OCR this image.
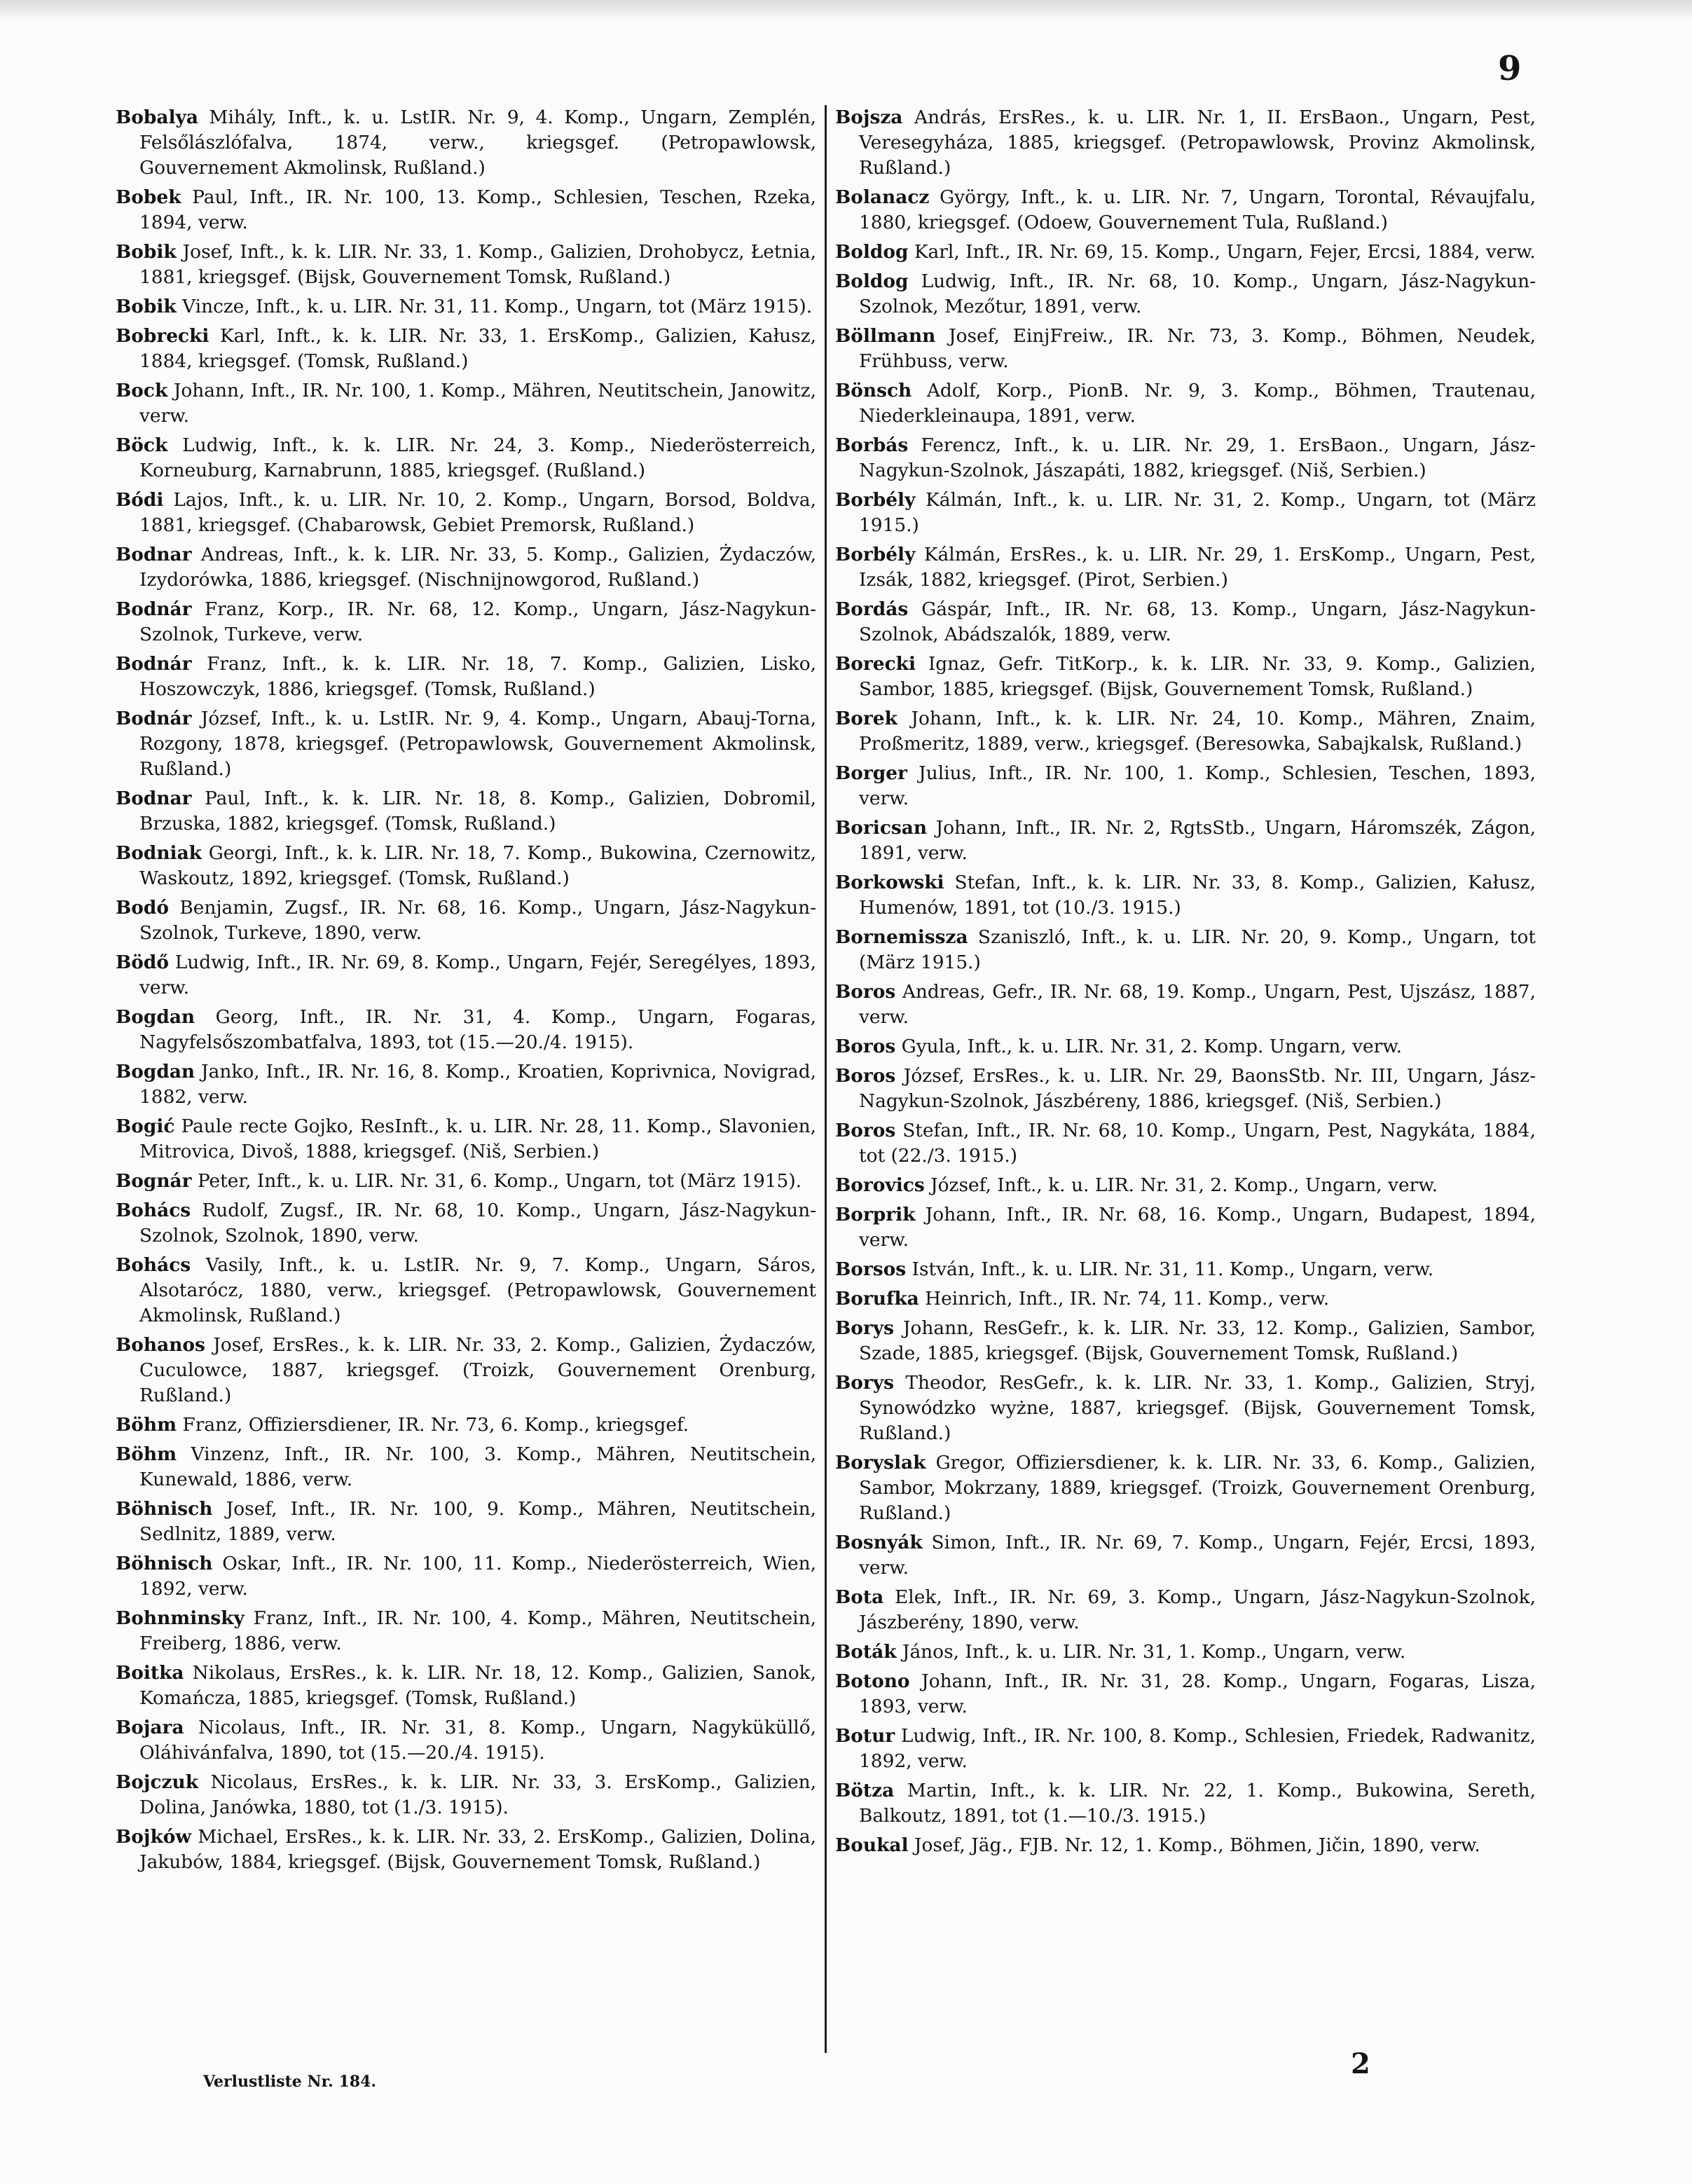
9

Bobalya Mihály, Inft., k. u. LstIR. Nr. 9, 4. Komp., Ungarn, Zemplén, Felsőlászlófalva, 1874, verw., kriegsgef. (Petropawlowsk, Gouvernement Akmolinsk, Rußland.)

Bobek Paul, Inft., IR. Nr. 100, 13. Komp., Schlesien, Teschen, Rzeka, 1894, verw.

Bobik Josef, Inft., k. k. LIR. Nr. 33, 1. Komp., Galizien, Drohobycz, Łetnia, 1881, kriegsgef. (Bijsk, Gouvernement Tomsk, Rußland.)

Bobik Vincze, Inft., k. u. LIR. Nr. 31, 11. Komp., Ungarn, tot (März 1915).

Bobrecki Karl, Inft., k. k. LIR. Nr. 33, 1. ErsKomp., Galizien, Kałusz, 1884, kriegsgef. (Tomsk, Rußland.)

Bock Johann, Inft., IR. Nr. 100, 1. Komp., Mähren, Neutitschein, Janowitz, verw.

Böck Ludwig, Inft., k. k. LIR. Nr. 24, 3. Komp., Niederösterreich, Korneuburg, Karnabrunn, 1885, kriegsgef. (Rußland.)

Bódi Lajos, Inft., k. u. LIR. Nr. 10, 2. Komp., Ungarn, Borsod, Boldva, 1881, kriegsgef. (Chabarowsk, Gebiet Premorsk, Rußland.)

Bodnar Andreas, Inft., k. k. LIR. Nr. 33, 5. Komp., Galizien, Żydaczów, Izydorówka, 1886, kriegsgef. (Nischnijnowgorod, Rußland.)

Bodnár Franz, Korp., IR. Nr. 68, 12. Komp., Ungarn, Jász-Nagykun-Szolnok, Turkeve, verw.

Bodnár Franz, Inft., k. k. LIR. Nr. 18, 7. Komp., Galizien, Lisko, Hoszowczyk, 1886, kriegsgef. (Tomsk, Rußland.)

Bodnár József, Inft., k. u. LstIR. Nr. 9, 4. Komp., Ungarn, Abauj-Torna, Rozgony, 1878, kriegsgef. (Petropawlowsk, Gouvernement Akmolinsk, Rußland.)

Bodnar Paul, Inft., k. k. LIR. Nr. 18, 8. Komp., Galizien, Dobromil, Brzuska, 1882, kriegsgef. (Tomsk, Rußland.)

Bodniak Georgi, Inft., k. k. LIR. Nr. 18, 7. Komp., Bukowina, Czernowitz, Waskoutz, 1892, kriegsgef. (Tomsk, Rußland.)

Bodó Benjamin, Zugsf., IR. Nr. 68, 16. Komp., Ungarn, Jász-Nagykun-Szolnok, Turkeve, 1890, verw.

Bödő Ludwig, Inft., IR. Nr. 69, 8. Komp., Ungarn, Fejér, Seregélyes, 1893, verw.

Bogdan Georg, Inft., IR. Nr. 31, 4. Komp., Ungarn, Fogaras, Nagyfelsőszombatfalva, 1893, tot (15.—20./4. 1915).

Bogdan Janko, Inft., IR. Nr. 16, 8. Komp., Kroatien, Koprivnica, Novigrad, 1882, verw.

Bogić Paule recte Gojko, ResInft., k. u. LIR. Nr. 28, 11. Komp., Slavonien, Mitrovica, Divoš, 1888, kriegsgef. (Niš, Serbien.)

Bognár Peter, Inft., k. u. LIR. Nr. 31, 6. Komp., Ungarn, tot (März 1915).

Bohács Rudolf, Zugsf., IR. Nr. 68, 10. Komp., Ungarn, Jász-Nagykun-Szolnok, Szolnok, 1890, verw.

Bohács Vasily, Inft., k. u. LstIR. Nr. 9, 7. Komp., Ungarn, Sáros, Alsotarócz, 1880, verw., kriegsgef. (Petropawlowsk, Gouvernement Akmolinsk, Rußland.)

Bohanos Josef, ErsRes., k. k. LIR. Nr. 33, 2. Komp., Galizien, Żydaczów, Cuculowce, 1887, kriegsgef. (Troizk, Gouvernement Orenburg, Rußland.)

Böhm Franz, Offiziersdiener, IR. Nr. 73, 6. Komp., kriegsgef.

Böhm Vinzenz, Inft., IR. Nr. 100, 3. Komp., Mähren, Neutitschein, Kunewald, 1886, verw.

Böhnisch Josef, Inft., IR. Nr. 100, 9. Komp., Mähren, Neutitschein, Sedlnitz, 1889, verw.

Böhnisch Oskar, Inft., IR. Nr. 100, 11. Komp., Niederösterreich, Wien, 1892, verw.

Bohnminsky Franz, Inft., IR. Nr. 100, 4. Komp., Mähren, Neutitschein, Freiberg, 1886, verw.

Boitka Nikolaus, ErsRes., k. k. LIR. Nr. 18, 12. Komp., Galizien, Sanok, Komańcza, 1885, kriegsgef. (Tomsk, Rußland.)

Bojara Nicolaus, Inft., IR. Nr. 31, 8. Komp., Ungarn, Nagyküküllő, Oláhivánfalva, 1890, tot (15.—20./4. 1915).

Bojczuk Nicolaus, ErsRes., k. k. LIR. Nr. 33, 3. ErsKomp., Galizien, Dolina, Janówka, 1880, tot (1./3. 1915).

Bojków Michael, ErsRes., k. k. LIR. Nr. 33, 2. ErsKomp., Galizien, Dolina, Jakubów, 1884, kriegsgef. (Bijsk, Gouvernement Tomsk, Rußland.)

Bojsza András, ErsRes., k. u. LIR. Nr. 1, II. ErsBaon., Ungarn, Pest, Veresegyháza, 1885, kriegsgef. (Petropawlowsk, Provinz Akmolinsk, Rußland.)

Bolanacz György, Inft., k. u. LIR. Nr. 7, Ungarn, Torontal, Révaujfalu, 1880, kriegsgef. (Odoew, Gouvernement Tula, Rußland.)

Boldog Karl, Inft., IR. Nr. 69, 15. Komp., Ungarn, Fejer, Ercsi, 1884, verw.

Boldog Ludwig, Inft., IR. Nr. 68, 10. Komp., Ungarn, Jász-Nagykun-Szolnok, Mezőtur, 1891, verw.

Böllmann Josef, EinjFreiw., IR. Nr. 73, 3. Komp., Böhmen, Neudek, Frühbuss, verw.

Bönsch Adolf, Korp., PionB. Nr. 9, 3. Komp., Böhmen, Trautenau, Niederkleinaupa, 1891, verw.

Borbás Ferencz, Inft., k. u. LIR. Nr. 29, 1. ErsBaon., Ungarn, Jász-Nagykun-Szolnok, Jászapáti, 1882, kriegsgef. (Niš, Serbien.)

Borbély Kálmán, Inft., k. u. LIR. Nr. 31, 2. Komp., Ungarn, tot (März 1915.)

Borbély Kálmán, ErsRes., k. u. LIR. Nr. 29, 1. ErsKomp., Ungarn, Pest, Izsák, 1882, kriegsgef. (Pirot, Serbien.)

Bordás Gáspár, Inft., IR. Nr. 68, 13. Komp., Ungarn, Jász-Nagykun-Szolnok, Abádszalók, 1889, verw.

Borecki Ignaz, Gefr. TitKorp., k. k. LIR. Nr. 33, 9. Komp., Galizien, Sambor, 1885, kriegsgef. (Bijsk, Gouvernement Tomsk, Rußland.)

Borek Johann, Inft., k. k. LIR. Nr. 24, 10. Komp., Mähren, Znaim, Proßmeritz, 1889, verw., kriegsgef. (Beresowka, Sabajkalsk, Rußland.)

Borger Julius, Inft., IR. Nr. 100, 1. Komp., Schlesien, Teschen, 1893, verw.

Boricsan Johann, Inft., IR. Nr. 2, RgtsStb., Ungarn, Háromszék, Zágon, 1891, verw.

Borkowski Stefan, Inft., k. k. LIR. Nr. 33, 8. Komp., Galizien, Kałusz, Humenów, 1891, tot (10./3. 1915.)

Bornemissza Szaniszló, Inft., k. u. LIR. Nr. 20, 9. Komp., Ungarn, tot (März 1915.)

Boros Andreas, Gefr., IR. Nr. 68, 19. Komp., Ungarn, Pest, Ujszász, 1887, verw.

Boros Gyula, Inft., k. u. LIR. Nr. 31, 2. Komp. Ungarn, verw.

Boros József, ErsRes., k. u. LIR. Nr. 29, BaonsStb. Nr. III, Ungarn, Jász-Nagykun-Szolnok, Jászbéreny, 1886, kriegsgef. (Niš, Serbien.)

Boros Stefan, Inft., IR. Nr. 68, 10. Komp., Ungarn, Pest, Nagykáta, 1884, tot (22./3. 1915.)

Borovics József, Inft., k. u. LIR. Nr. 31, 2. Komp., Ungarn, verw.

Borprik Johann, Inft., IR. Nr. 68, 16. Komp., Ungarn, Budapest, 1894, verw.

Borsos István, Inft., k. u. LIR. Nr. 31, 11. Komp., Ungarn, verw.

Borufka Heinrich, Inft., IR. Nr. 74, 11. Komp., verw.

Borys Johann, ResGefr., k. k. LIR. Nr. 33, 12. Komp., Galizien, Sambor, Szade, 1885, kriegsgef. (Bijsk, Gouvernement Tomsk, Rußland.)

Borys Theodor, ResGefr., k. k. LIR. Nr. 33, 1. Komp., Galizien, Stryj, Synowódzko wyżne, 1887, kriegsgef. (Bijsk, Gouvernement Tomsk, Rußland.)

Boryslak Gregor, Offiziersdiener, k. k. LIR. Nr. 33, 6. Komp., Galizien, Sambor, Mokrzany, 1889, kriegsgef. (Troizk, Gouvernement Orenburg, Rußland.)

Bosnyák Simon, Inft., IR. Nr. 69, 7. Komp., Ungarn, Fejér, Ercsi, 1893, verw.

Bota Elek, Inft., IR. Nr. 69, 3. Komp., Ungarn, Jász-Nagykun-Szolnok, Jászberény, 1890, verw.

Boták János, Inft., k. u. LIR. Nr. 31, 1. Komp., Ungarn, verw.

Botono Johann, Inft., IR. Nr. 31, 28. Komp., Ungarn, Fogaras, Lisza, 1893, verw.

Botur Ludwig, Inft., IR. Nr. 100, 8. Komp., Schlesien, Friedek, Radwanitz, 1892, verw.

Bötza Martin, Inft., k. k. LIR. Nr. 22, 1. Komp., Bukowina, Sereth, Balkoutz, 1891, tot (1.—10./3. 1915.)

Boukal Josef, Jäg., FJB. Nr. 12, 1. Komp., Böhmen, Jičin, 1890, verw.

Verlustliste Nr. 184.
2
